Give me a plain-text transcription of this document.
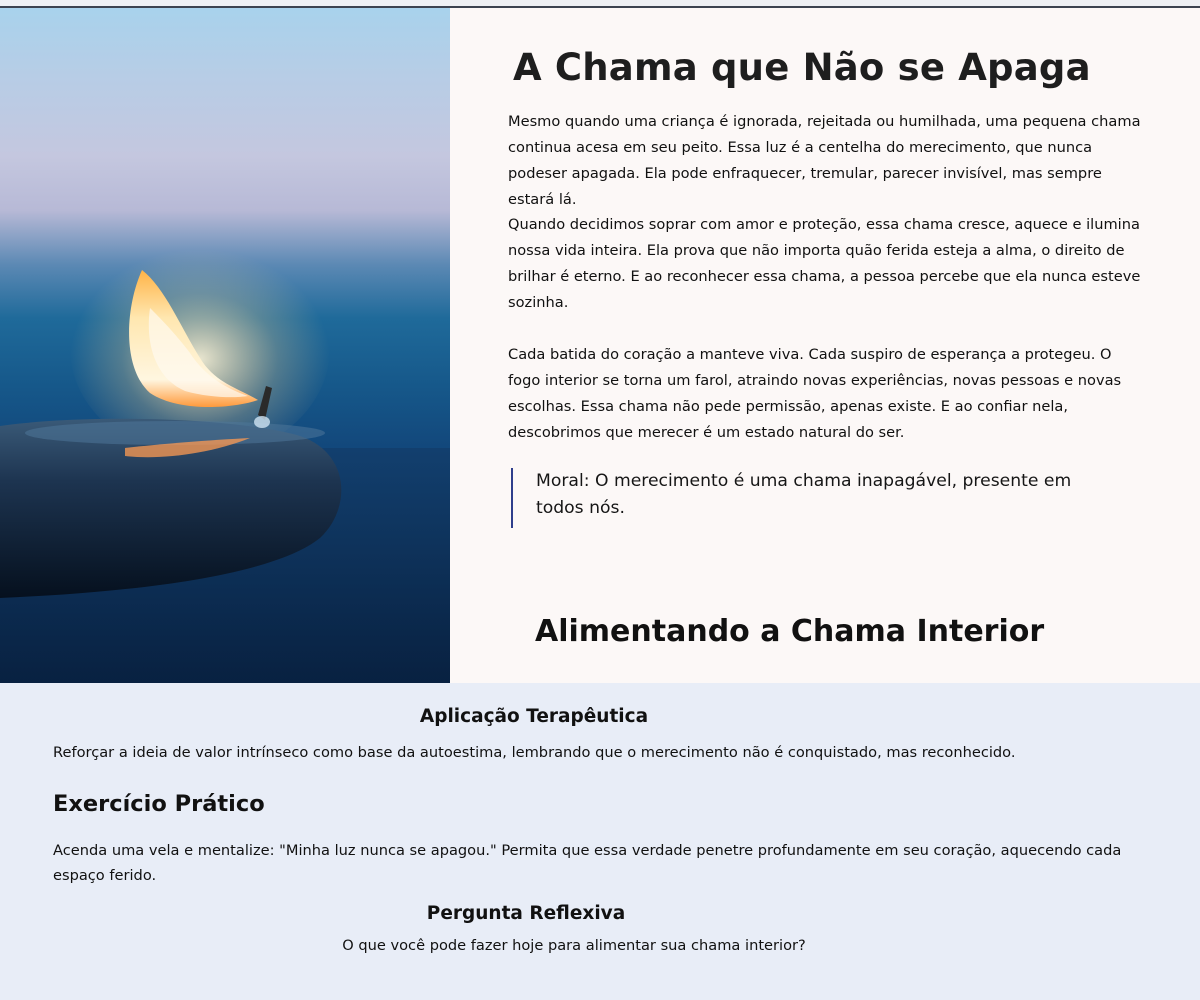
A Chama que Não se Apaga

Mesmo quando uma criança é ignorada, rejeitada ou humilhada, uma pequena chama continua acesa em seu peito. Essa luz é a centelha do merecimento, que nunca podeser apagada. Ela pode enfraquecer, tremular, parecer invisível, mas sempre estará lá.

Quando decidimos soprar com amor e proteção, essa chama cresce, aquece e ilumina nossa vida inteira. Ela prova que não importa quão ferida esteja a alma, o direito de brilhar é eterno. E ao reconhecer essa chama, a pessoa percebe que ela nunca esteve sozinha.

Cada batida do coração a manteve viva. Cada suspiro de esperança a protegeu. O fogo interior se torna um farol, atraindo novas experiências, novas pessoas e novas escolhas. Essa chama não pede permissão, apenas existe. E ao confiar nela, descobrimos que merecer é um estado natural do ser.

Moral: O merecimento é uma chama inapagável, presente em todos nós.
Alimentando a Chama Interior
Aplicação Terapêutica

Reforçar a ideia de valor intrínseco como base da autoestima, lembrando que o merecimento não é conquistado, mas reconhecido.

Exercício Prático

Acenda uma vela e mentalize: "Minha luz nunca se apagou." Permita que essa verdade penetre profundamente em seu coração, aquecendo cada espaço ferido.

Pergunta Reflexiva

O que você pode fazer hoje para alimentar sua chama interior?
